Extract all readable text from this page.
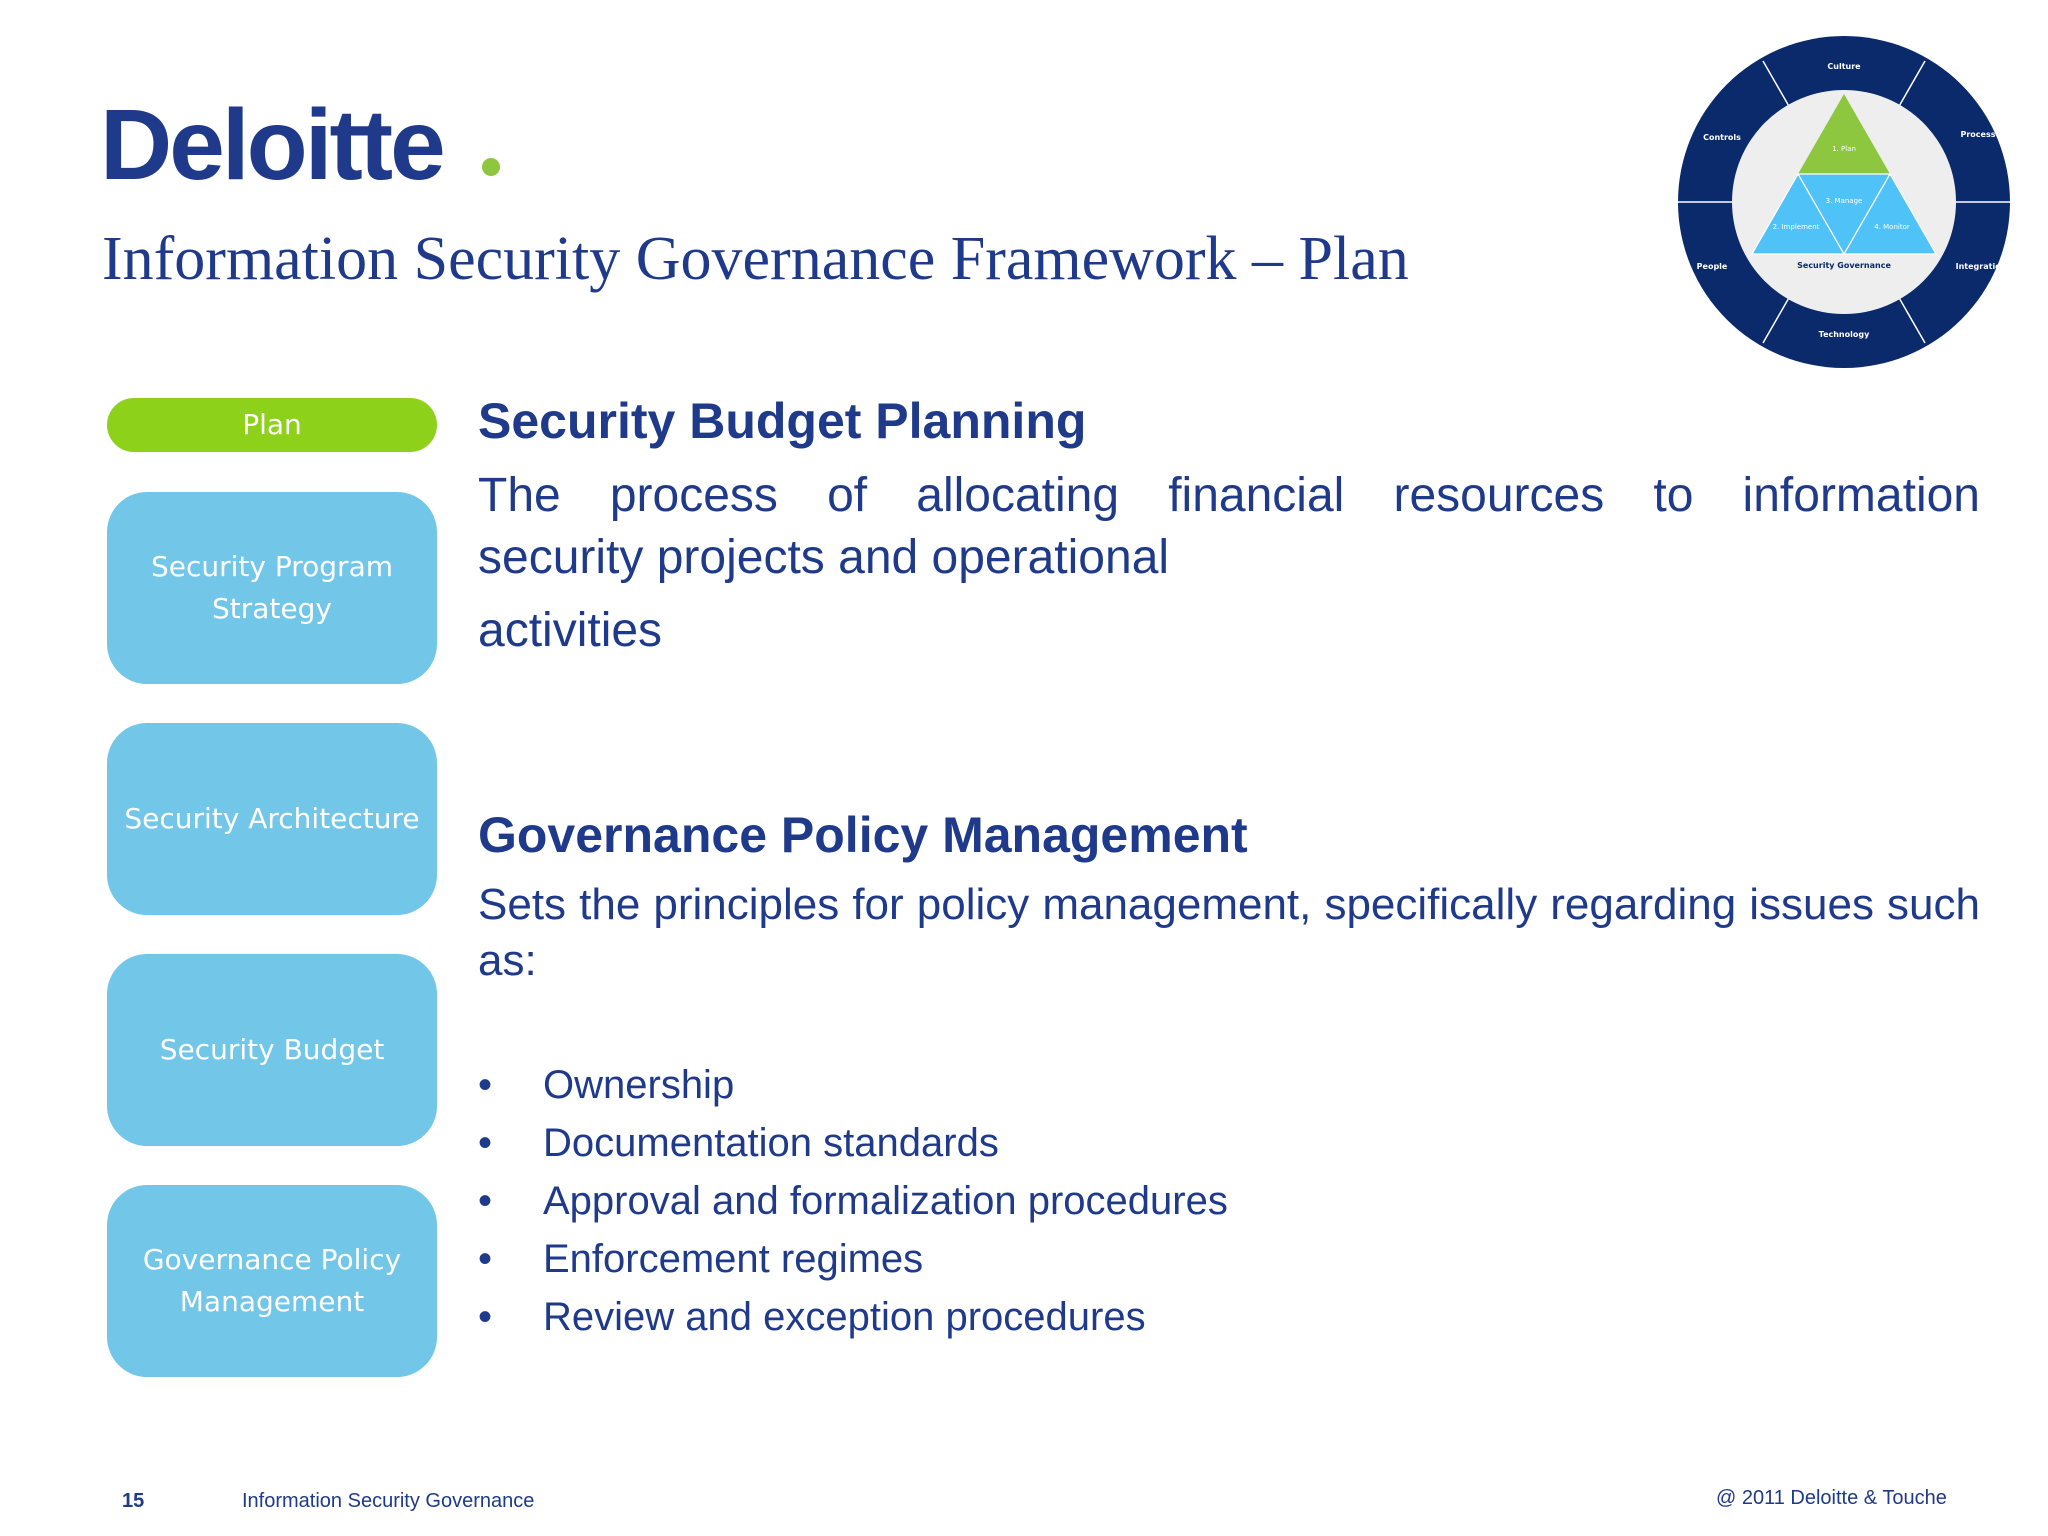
Deloitte
Information Security Governance Framework – Plan
Culture
Process
Integration
Technology
People
Controls
1. Plan
3. Manage
2. Implement	4. Monitor
Security Governance
Plan
Security Program Strategy
Security Architecture
Security Budget
Governance Policy Management
Security Budget Planning
The process of allocating financial resources to information
security projects and operational
activities
Governance Policy Management
Sets the principles for policy management, specifically regarding issues such as:
• Ownership
• Documentation standards
• Approval and formalization procedures
• Enforcement regimes
• Review and exception procedures
15	Information Security Governance	@ 2011 Deloitte & Touche
